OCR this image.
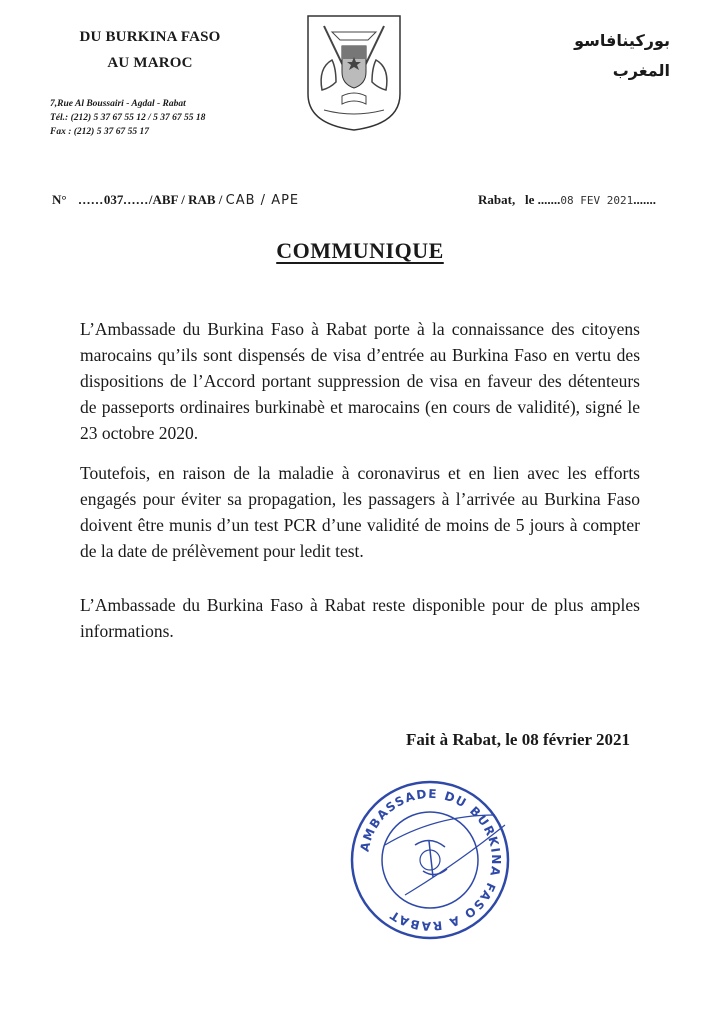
DU BURKINA FASO
AU MAROC
7,Rue Al Boussairi - Agdal - Rabat
Tél.: (212) 5 37 67 55 12 / 5 37 67 55 18
Fax : (212) 5 37 67 55 17
بوركينافاسو
المغرب
N°   ......037....../ABF / RAB / CAB / APE	Rabat, le .......08 FEV 2021.......
COMMUNIQUE

L’Ambassade du Burkina Faso à Rabat porte à la connaissance des citoyens marocains qu’ils sont dispensés de visa d’entrée au Burkina Faso en vertu des dispositions de l’Accord portant suppression de visa en faveur des détenteurs de passeports ordinaires burkinabè et marocains (en cours de validité), signé le 23 octobre 2020.

Toutefois, en raison de la maladie à coronavirus et en lien avec les efforts engagés pour éviter sa propagation, les passagers à l’arrivée au Burkina Faso doivent être munis d’un test PCR d’une validité de moins de 5 jours à compter de la date de prélèvement pour ledit test.

L’Ambassade du Burkina Faso à Rabat reste disponible pour de plus amples informations.

Fait à Rabat, le 08 février 2021
AMBASSADE DU BURKINA FASO A RABAT
